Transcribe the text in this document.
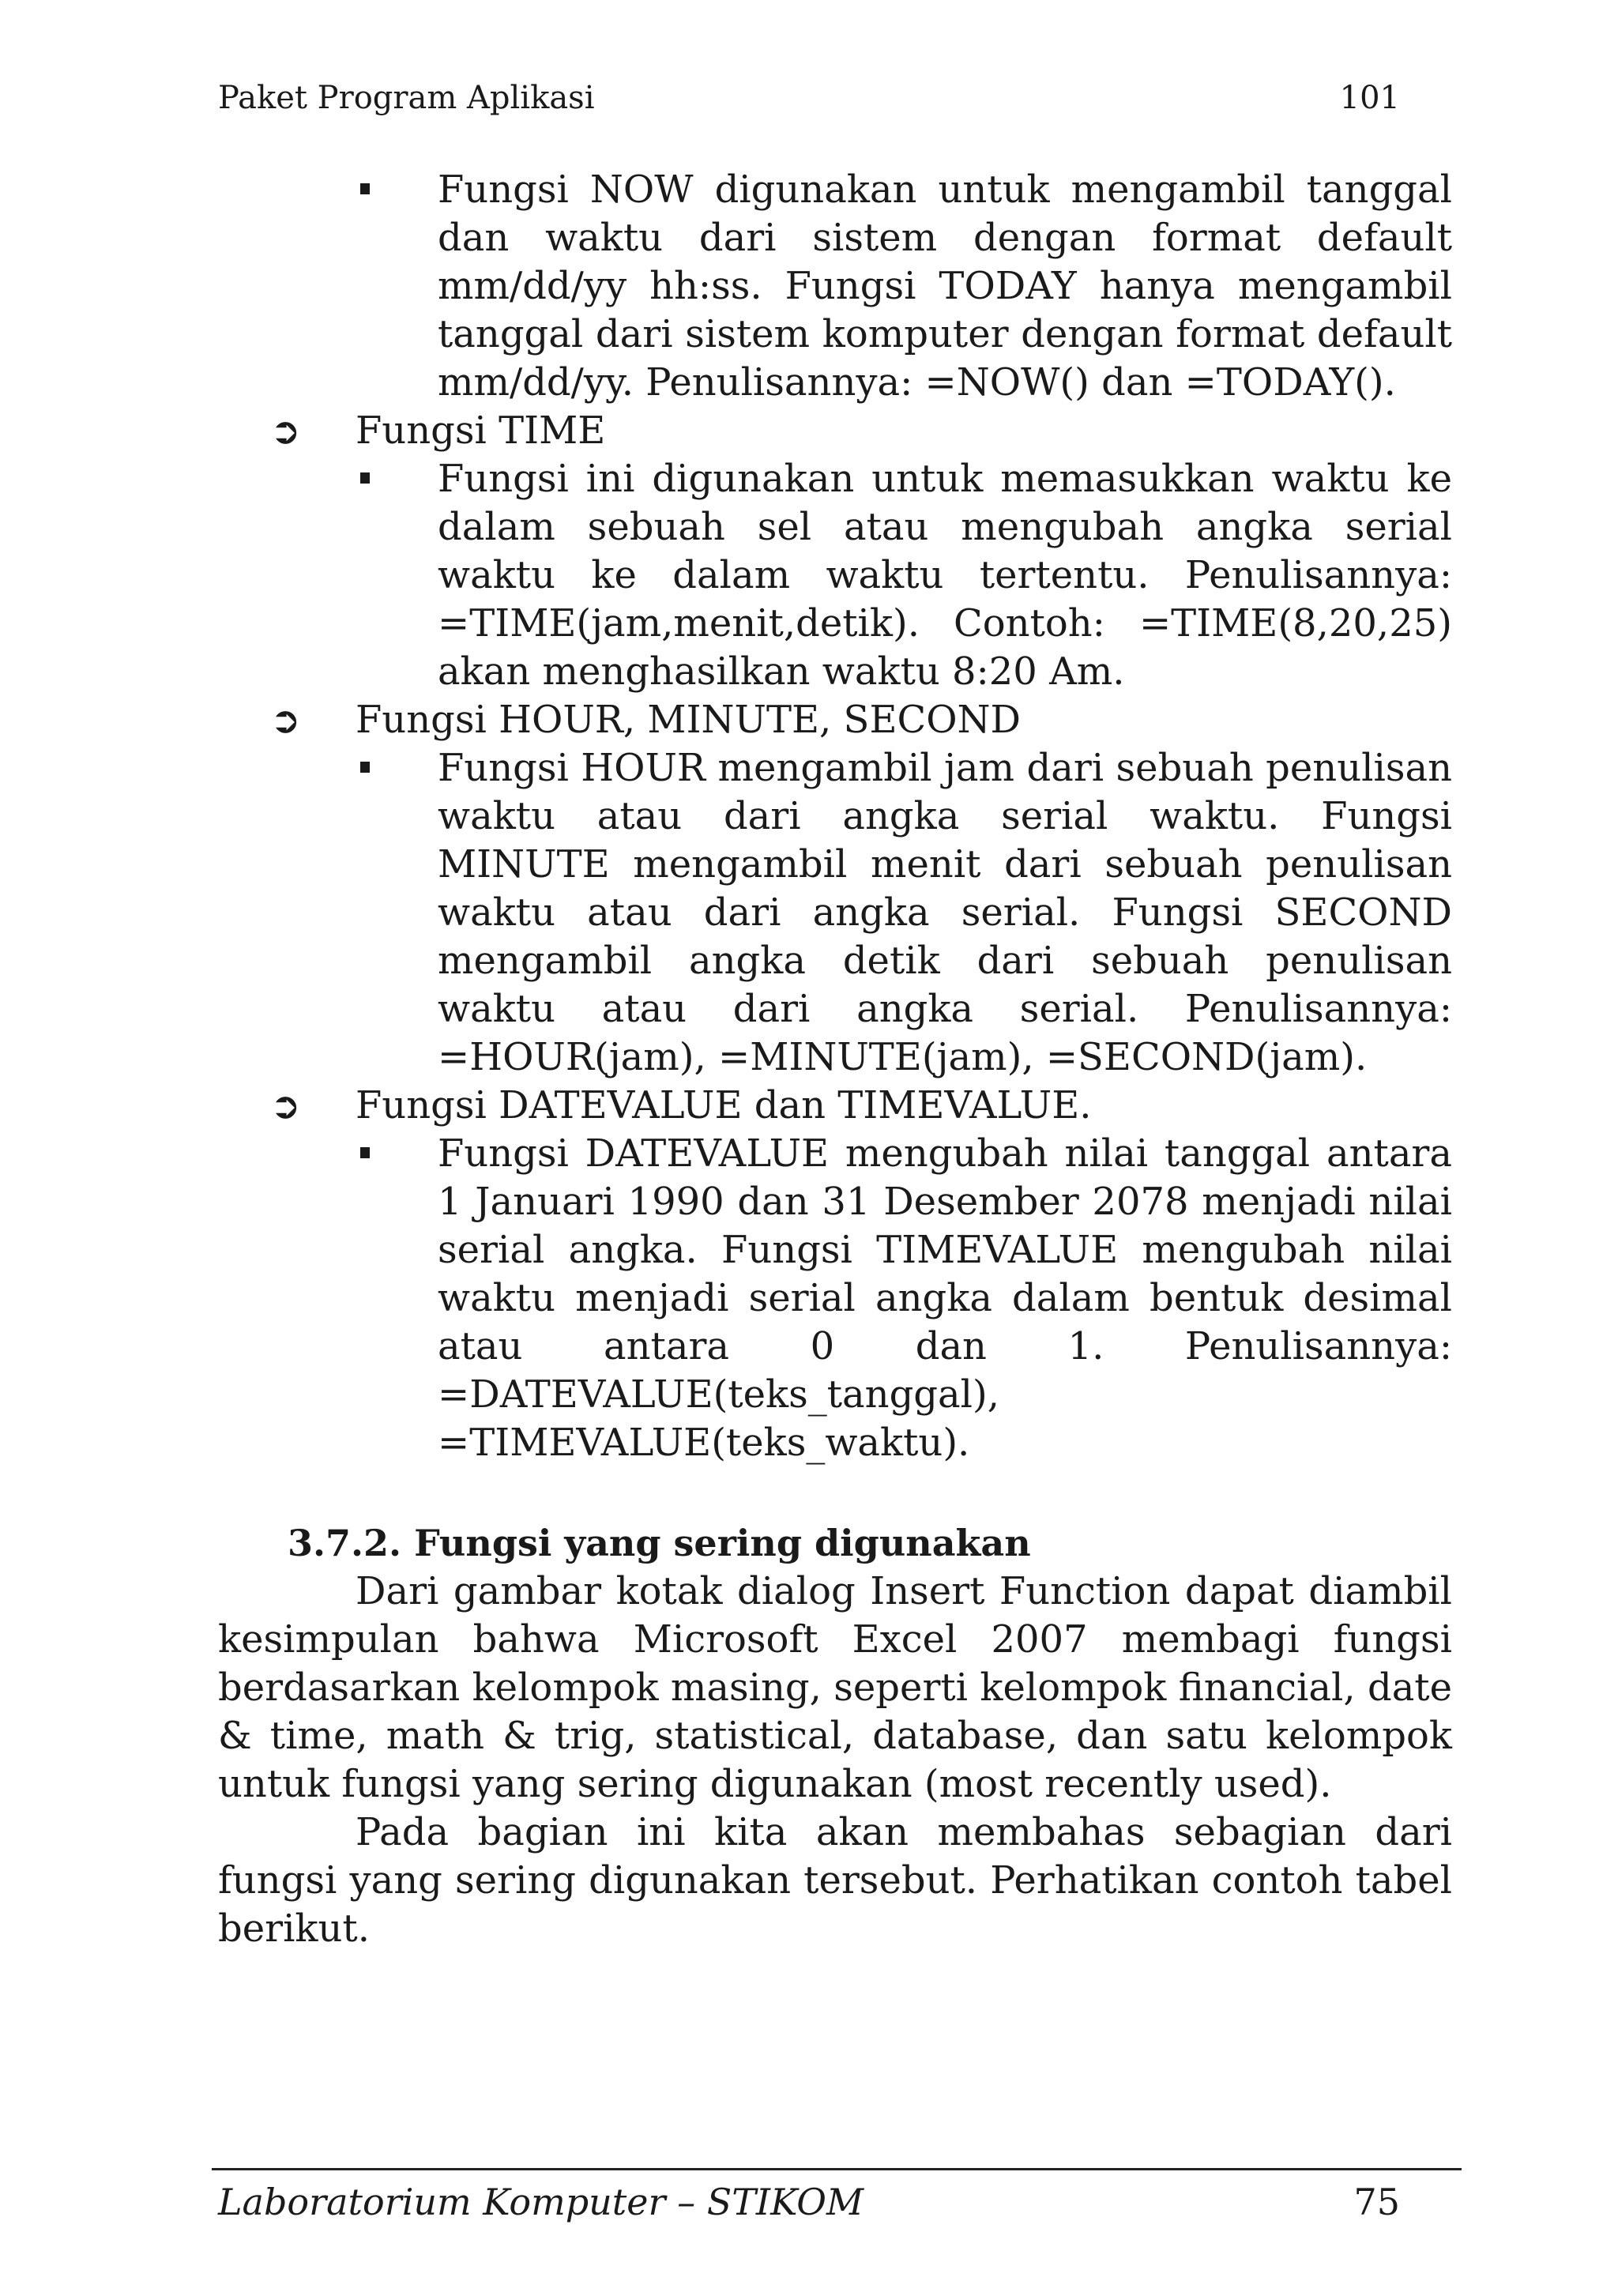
Paket Program Aplikasi	101
Fungsi NOW digunakan untuk mengambil tanggal dan waktu dari sistem dengan format default mm/dd/yy hh:ss. Fungsi TODAY hanya mengambil tanggal dari sistem komputer dengan format default mm/dd/yy. Penulisannya: =NOW() dan =TODAY().
➲ Fungsi TIME
Fungsi ini digunakan untuk memasukkan waktu ke dalam sebuah sel atau mengubah angka serial waktu ke dalam waktu tertentu. Penulisannya: =TIME(jam,menit,detik). Contoh: =TIME(8,20,25) akan menghasilkan waktu 8:20 Am.
➲ Fungsi HOUR, MINUTE, SECOND
Fungsi HOUR mengambil jam dari sebuah penulisan waktu atau dari angka serial waktu. Fungsi MINUTE mengambil menit dari sebuah penulisan waktu atau dari angka serial. Fungsi SECOND mengambil angka detik dari sebuah penulisan waktu atau dari angka serial. Penulisannya: =HOUR(jam), =MINUTE(jam), =SECOND(jam).
➲ Fungsi DATEVALUE dan TIMEVALUE.
Fungsi DATEVALUE mengubah nilai tanggal antara 1 Januari 1990 dan 31 Desember 2078 menjadi nilai serial angka. Fungsi TIMEVALUE mengubah nilai waktu menjadi serial angka dalam bentuk desimal atau antara 0 dan 1. Penulisannya: =DATEVALUE(teks_tanggal), =TIMEVALUE(teks_waktu).
3.7.2. Fungsi yang sering digunakan
Dari gambar kotak dialog Insert Function dapat diambil kesimpulan bahwa Microsoft Excel 2007 membagi fungsi berdasarkan kelompok masing, seperti kelompok financial, date & time, math & trig, statistical, database, dan satu kelompok untuk fungsi yang sering digunakan (most recently used).
Pada bagian ini kita akan membahas sebagian dari fungsi yang sering digunakan tersebut. Perhatikan contoh tabel berikut.
Laboratorium Komputer – STIKOM	75
